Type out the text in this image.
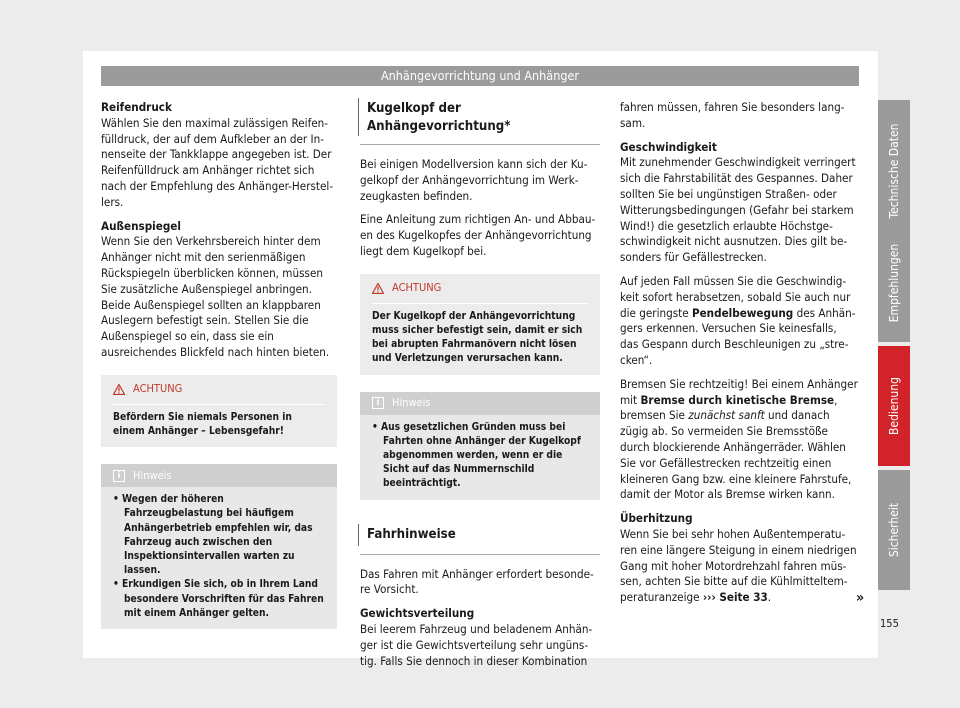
Anhängevorrichtung und Anhänger

Reifendruck

Wählen Sie den maximal zulässigen Reifenfülldruck, der auf dem Aufkleber an der Innenseite der Tankklappe angegeben ist. Der Reifenfülldruck am Anhänger richtet sich nach der Empfehlung des Anhänger-Herstellers.

Außenspiegel

Wenn Sie den Verkehrsbereich hinter dem Anhänger nicht mit den serienmäßigen Rückspiegeln überblicken können, müssen Sie zusätzliche Außenspiegel anbringen. Beide Außenspiegel sollten an klappbaren Auslegern befestigt sein. Stellen Sie die Außenspiegel so ein, dass sie ein ausreichendes Blickfeld nach hinten bieten.

ACHTUNG
Befördern Sie niemals Personen in einem Anhänger – Lebensgefahr!
i	Hinweis
• Wegen der höheren Fahrzeugbelastung bei häufigem Anhängerbetrieb empfehlen wir, das Fahrzeug auch zwischen den Inspektionsintervallen warten zu lassen.
• Erkundigen Sie sich, ob in Ihrem Land besondere Vorschriften für das Fahren mit einem Anhänger gelten.
Kugelkopf der Anhängevorrichtung*

Bei einigen Modellversion kann sich der Kugelkopf der Anhängevorrichtung im Werkzeugkasten befinden.

Eine Anleitung zum richtigen An- und Abbauen des Kugelkopfes der Anhängevorrichtung liegt dem Kugelkopf bei.

ACHTUNG
Der Kugelkopf der Anhängevorrichtung muss sicher befestigt sein, damit er sich bei abrupten Fahrmanövern nicht lösen und Verletzungen verursachen kann.
i	Hinweis
• Aus gesetzlichen Gründen muss bei Fahrten ohne Anhänger der Kugelkopf abgenommen werden, wenn er die Sicht auf das Nummernschild beeinträchtigt.
Fahrhinweise

Das Fahren mit Anhänger erfordert besondere Vorsicht.

Gewichtsverteilung

Bei leerem Fahrzeug und beladenem Anhänger ist die Gewichtsverteilung sehr ungünstig. Falls Sie dennoch in dieser Kombination

fahren müssen, fahren Sie besonders langsam.

Geschwindigkeit

Mit zunehmender Geschwindigkeit verringert sich die Fahrstabilität des Gespannes. Daher sollten Sie bei ungünstigen Straßen- oder Witterungsbedingungen (Gefahr bei starkem Wind!) die gesetzlich erlaubte Höchstgeschwindigkeit nicht ausnutzen. Dies gilt besonders für Gefällestrecken.

Auf jeden Fall müssen Sie die Geschwindigkeit sofort herabsetzen, sobald Sie auch nur die geringste Pendelbewegung des Anhängers erkennen. Versuchen Sie keinesfalls, das Gespann durch Beschleunigen zu „strecken“.

Bremsen Sie rechtzeitig! Bei einem Anhänger mit Bremse durch kinetische Bremse, bremsen Sie zunächst sanft und danach zügig ab. So vermeiden Sie Bremsstöße durch blockierende Anhängerräder. Wählen Sie vor Gefällestrecken rechtzeitig einen kleineren Gang bzw. eine kleinere Fahrstufe, damit der Motor als Bremse wirken kann.

Überhitzung

Wenn Sie bei sehr hohen Außentemperaturen eine längere Steigung in einem niedrigen Gang mit hoher Motordrehzahl fahren müssen, achten Sie bitte auf die Kühlmitteltemperaturanzeige ››› Seite 33.	»
Technische Daten
Empfehlungen
Bedienung
Sicherheit
155
